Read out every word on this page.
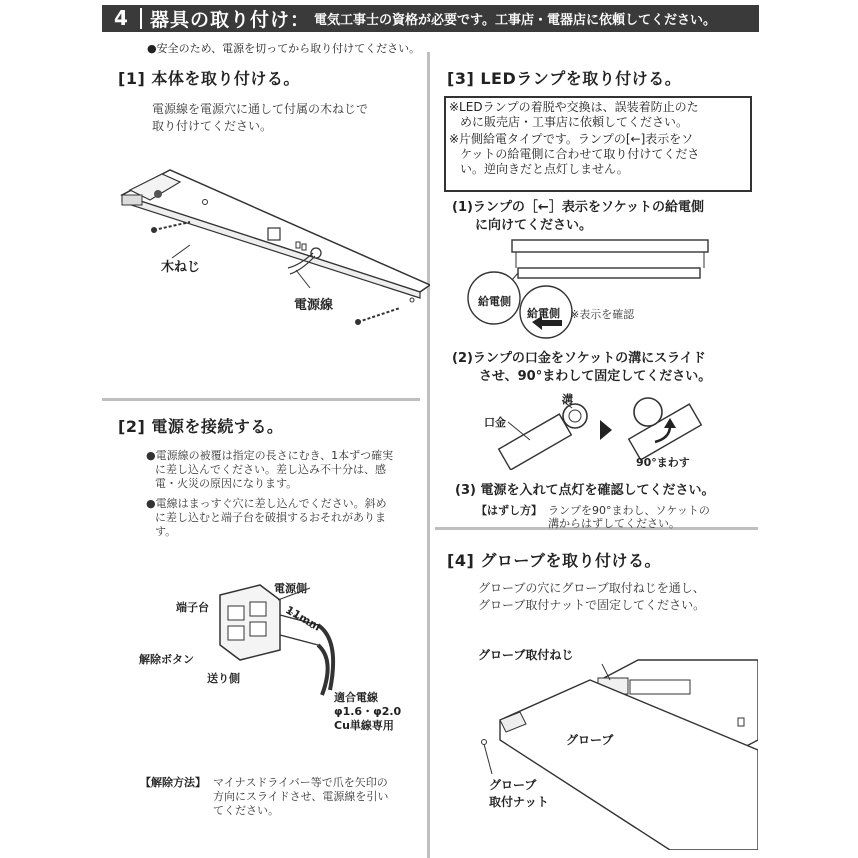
4	器具の取り付け： 電気工事士の資格が必要です。工事店・電器店に依頼してください。
●安全のため、電源を切ってから取り付けてください。
[1] 本体を取り付ける。
電源線を電源穴に通して付属の木ねじで
取り付けてください。
木ねじ
電源線
[2] 電源を接続する。
●電源線の被覆は指定の長さにむき、1本ずつ確実
に差し込んでください。差し込み不十分は、感
電・火災の原因になります。
●電線はまっすぐ穴に差し込んでください。斜め
に差し込むと端子台を破損するおそれがありま
す。
電源側
端子台	11mm
解除ボタン
送り側
適合電線
φ1.6・φ2.0
Cu単線専用
【解除方法】 マイナスドライバー等で爪を矢印の
方向にスライドさせ、電源線を引い
てください。
[3] LEDランプを取り付ける。
※LEDランプの着脱や交換は、誤装着防止のた
めに販売店・工事店に依頼してください。
※片側給電タイプです。ランプの[←]表示をソ
ケットの給電側に合わせて取り付けてくださ
い。逆向きだと点灯しません。
(1)ランプの［←］表示をソケットの給電側
に向けてください。
給電側
給電側 ※表示を確認
(2)ランプの口金をソケットの溝にスライド
させ、90°まわして固定してください。
溝
口金
90°まわす
(3) 電源を入れて点灯を確認してください。
【はずし方】 ランプを90°まわし、ソケットの
溝からはずしてください。
[4] グローブを取り付ける。
グローブの穴にグローブ取付ねじを通し、
グローブ取付ナットで固定してください。
グローブ取付ねじ
グローブ
グローブ
取付ナット
